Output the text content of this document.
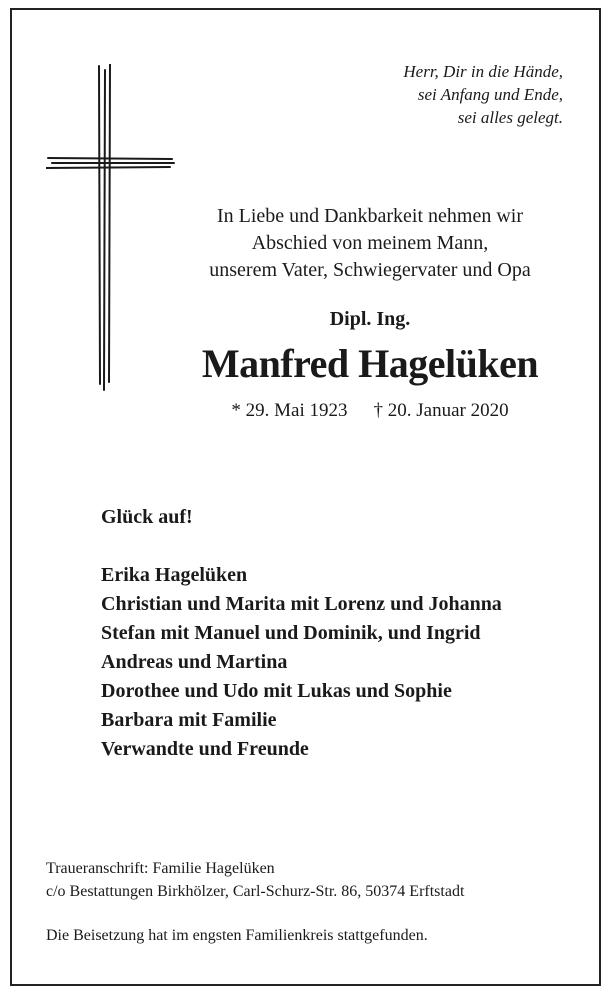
Herr, Dir in die Hände,
sei Anfang und Ende,
sei alles gelegt.
In Liebe und Dankbarkeit nehmen wir
Abschied von meinem Mann,
unserem Vater, Schwiegervater und Opa
Dipl. Ing.
Manfred Hagelüken
* 29. Mai 1923 † 20. Januar 2020
Glück auf!
Erika Hagelüken
Christian und Marita mit Lorenz und Johanna
Stefan mit Manuel und Dominik, und Ingrid
Andreas und Martina
Dorothee und Udo mit Lukas und Sophie
Barbara mit Familie
Verwandte und Freunde
Traueranschrift: Familie Hagelüken
c/o Bestattungen Birkhölzer, Carl-Schurz-Str. 86, 50374 Erftstadt
Die Beisetzung hat im engsten Familienkreis stattgefunden.
